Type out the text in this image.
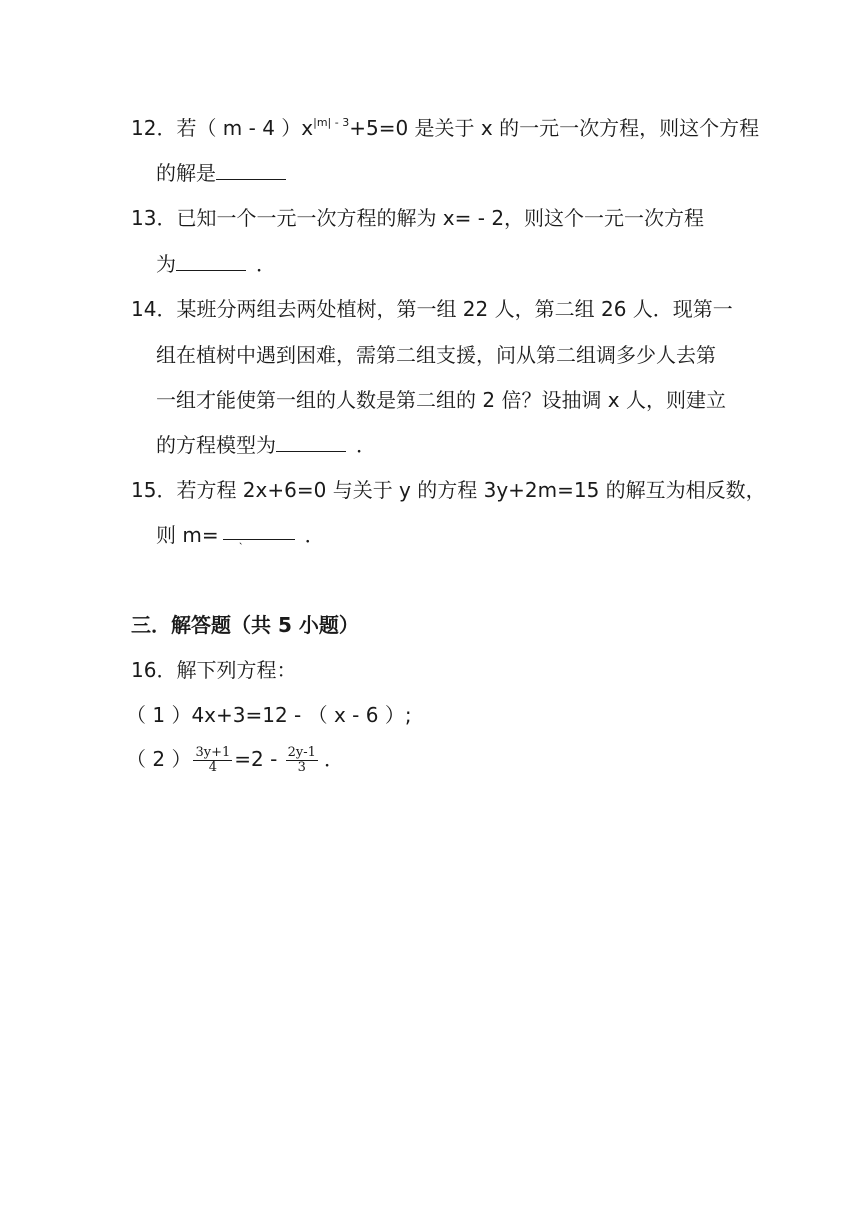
12．若（ m - 4 ）$x^{|m| - 3}+5=0$ 是关于 x 的一元一次方程，则这个方程
的解是
13．已知一个一元一次方程的解为 x= - 2，则这个一元一次方程
为	．
14．某班分两组去两处植树，第一组 22 人，第二组 26 人．现第一
组在植树中遇到困难，需第二组支援，问从第二组调多少人去第
一组才能使第一组的人数是第二组的 2 倍？设抽调 x 人，则建立
的方程模型为	．
15．若方程 2x+6=0 与关于 y 的方程 3y+2m=15 的解互为相反数，
则 m=	．
三．解答题（共 5 小题）
16．解下列方程：
（ 1 ）4x+3=12 - （ x - 6 ）;
（ 2 ） $\frac{3y+1}{4} =2 - \frac{2y-1}{3}$ ．
